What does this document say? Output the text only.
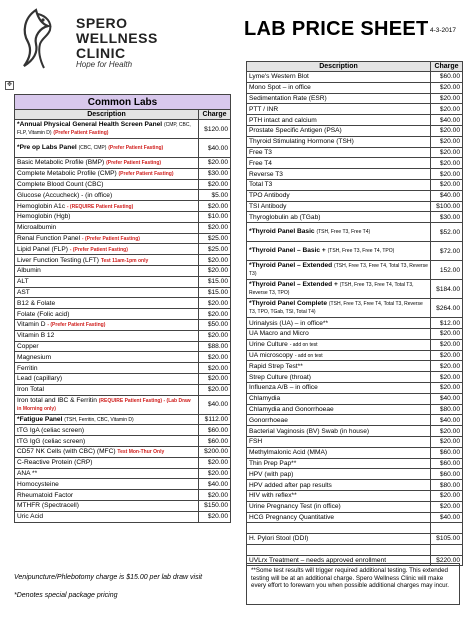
SPERO
WELLNESS
CLINIC
Hope for Health
LAB PRICE SHEET 4-3-2017
✥
Common Labs	
Description	Charge
*Annual Physical General Health Screen Panel (CMP, CBC, FLP, Vitamin D) (Prefer Patient Fasting)	$120.00
*Pre op Labs Panel (CBC, CMP) (Prefer Patient Fasting)	$40.00
Basic Metabolic Profile (BMP) (Prefer Patient Fasting)	$20.00
Complete Metabolic Profile (CMP) (Prefer Patient Fasting)	$30.00
Complete Blood Count (CBC)	$20.00
Glucose (Accucheck) - (in office)	$5.00
Hemoglobin A1c - (REQUIRE Patient Fasting)	$20.00
Hemoglobin (Hgb)	$10.00
Microalbumin	$20.00
Renal Function Panel - (Prefer Patient Fasting)	$25.00
Lipid Panel (FLP) - (Prefer Patient Fasting)	$25.00
Liver Function Testing (LFT) Test 11am-1pm only	$20.00
Albumin	$20.00
ALT	$15.00
AST	$15.00
B12 & Folate	$20.00
Folate (Folic acid)	$20.00
Vitamin D - (Prefer Patient Fasting)	$50.00
Vitamin B 12	$20.00
Copper	$88.00
Magnesium	$20.00
Ferritin	$20.00
Lead (capillary)	$20.00
Iron Total	$20.00
Iron total and IBC & Ferritin (REQUIRE Patient Fasting) - (Lab Draw in Morning only)	$40.00
*Fatigue Panel (TSH, Ferritin, CBC, Vitamin D)	$112.00
tTG IgA (celiac screen)	$60.00
tTG IgG (celiac screen)	$60.00
CD57 NK Cells (with CBC) (MFC) Test Mon-Thur Only	$200.00
C-Reactive Protein (CRP)	$20.00
ANA **	$20.00
Homocysteine	$40.00
Rheumatoid Factor	$20.00
MTHFR (Spectracell)	$150.00
Uric Acid	$20.00
Venipuncture/Phlebotomy charge is $15.00 per lab draw visit
*Denotes special package pricing
Description	Charge
Lyme's Western Blot	$60.00
Mono Spot – in office	$20.00
Sedimentation Rate (ESR)	$20.00
PTT / INR	$20.00
PTH intact and calcium	$40.00
Prostate Specific Antigen (PSA)	$20.00
Thyroid Stimulating Hormone (TSH)	$20.00
Free T3	$20.00
Free T4	$20.00
Reverse T3	$20.00
Total T3	$20.00
TPO Antibody	$40.00
TSI Antibody	$100.00
Thyroglobulin ab (TGab)	$30.00
*Thyroid Panel Basic (TSH, Free T3, Free T4)	$52.00
*Thyroid Panel – Basic + (TSH, Free T3, Free T4, TPO)	$72.00
*Thyroid Panel – Extended (TSH, Free T3, Free T4, Total T3, Reverse T3)	152.00
*Thyroid Panel – Extended + (TSH, Free T3, Free T4, Total T3, Reverse T3, TPO)	$184.00
*Thyroid Panel Complete (TSH, Free T3, Free T4, Total T3, Reverse T3, TPO, TGab, TSI, Total T4)	$264.00
Urinalysis (UA) – in office**	$12.00
UA Macro and Micro	$20.00
Urine Culture - add on test	$20.00
UA microscopy - add on test	$20.00
Rapid Strep Test**	$20.00
Strep Culture (throat)	$20.00
Influenza A/B – in office	$20.00
Chlamydia	$40.00
Chlamydia and Gonorrhoeae	$80.00
Gonorrhoeae	$40.00
Bacterial Vaginosis (BV) Swab (in house)	$20.00
FSH	$20.00
Methylmalonic Acid (MMA)	$60.00
Thin Prep Pap**	$60.00
HPV (with pap)	$60.00
HPV added after pap results	$80.00
HIV with reflex**	$20.00
Urine Pregnancy Test (in office)	$20.00
HCG Pregnancy Quantitative	$40.00

H. Pylori Stool (DDI)	$105.00

UVLrx Treatment – needs approved enrollment	$220.00
**Some test results will trigger required additional testing. This extended testing will be at an additional charge. Spero Wellness Clinic will make every effort to forewarn you when possible additional charges may incur.
